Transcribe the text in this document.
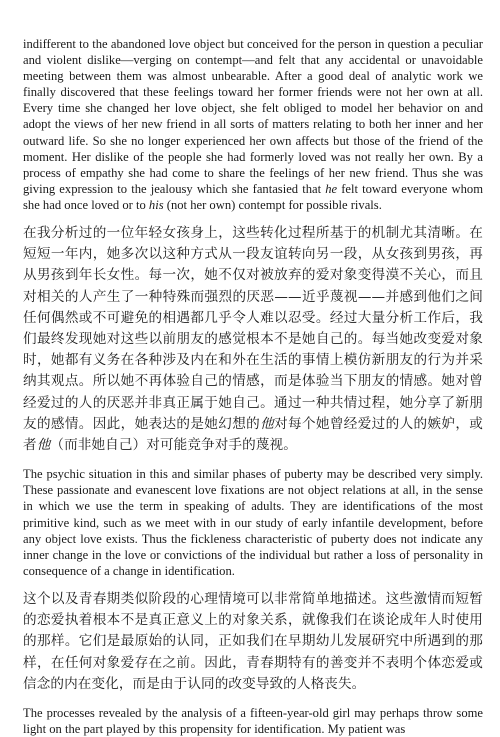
indifferent to the abandoned love object but conceived for the person in question a peculiar and violent dislike—verging on contempt—and felt that any accidental or unavoidable meeting between them was almost unbearable. After a good deal of analytic work we finally discovered that these feelings toward her former friends were not her own at all. Every time she changed her love object, she felt obliged to model her behavior on and adopt the views of her new friend in all sorts of matters relating to both her inner and her outward life. So she no longer experienced her own affects but those of the friend of the moment. Her dislike of the people she had formerly loved was not really her own. By a process of empathy she had come to share the feelings of her new friend. Thus she was giving expression to the jealousy which she fantasied that he felt toward everyone whom she had once loved or to his (not her own) contempt for possible rivals.

在我分析过的一位年轻女孩身上，这些转化过程所基于的机制尤其清晰。在短短一年内，她多次以这种方式从一段友谊转向另一段，从女孩到男孩，再从男孩到年长女性。每一次，她不仅对被放弃的爱对象变得漠不关心，而且对相关的人产生了一种特殊而强烈的厌恶——近乎蔑视——并感到他们之间任何偶然或不可避免的相遇都几乎令人难以忍受。经过大量分析工作后，我们最终发现她对这些以前朋友的感觉根本不是她自己的。每当她改变爱对象时，她都有义务在各种涉及内在和外在生活的事情上模仿新朋友的行为并采纳其观点。所以她不再体验自己的情感，而是体验当下朋友的情感。她对曾经爱过的人的厌恶并非真正属于她自己。通过一种共情过程，她分享了新朋友的感情。因此，她表达的是她幻想的他对每个她曾经爱过的人的嫉妒，或者他（而非她自己）对可能竞争对手的蔑视。

The psychic situation in this and similar phases of puberty may be described very simply. These passionate and evanescent love fixations are not object relations at all, in the sense in which we use the term in speaking of adults. They are identifications of the most primitive kind, such as we meet with in our study of early infantile development, before any object love exists. Thus the fickleness characteristic of puberty does not indicate any inner change in the love or convictions of the individual but rather a loss of personality in consequence of a change in identification.

这个以及青春期类似阶段的心理情境可以非常简单地描述。这些激情而短暂的恋爱执着根本不是真正意义上的对象关系，就像我们在谈论成年人时使用的那样。它们是最原始的认同，正如我们在早期幼儿发展研究中所遇到的那样，在任何对象爱存在之前。因此，青春期特有的善变并不表明个体恋爱或信念的内在变化，而是由于认同的改变导致的人格丧失。

The processes revealed by the analysis of a fifteen-year-old girl may perhaps throw some light on the part played by this propensity for identification. My patient was
